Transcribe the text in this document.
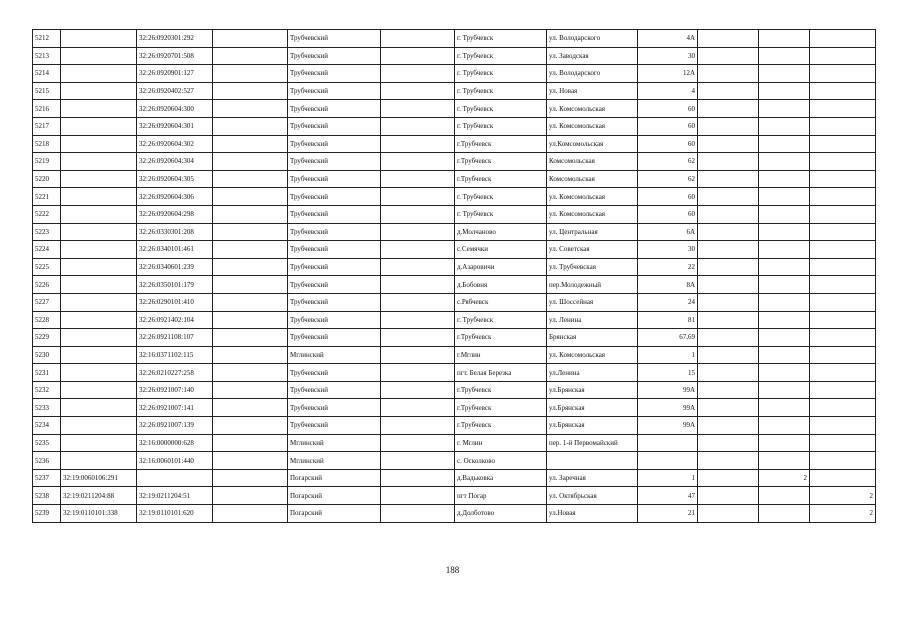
5212		32:26:0920301:292		Трубчевский		г. Трубчевск	ул. Володарского	4А			
5213		32:26:0920701:508		Трубчевский		г. Трубчевск	ул. Заводская	30			
5214		32:26:0920901:127		Трубчевский		г. Трубчевск	ул. Володарского	12А			
5215		32:26:0920402:527		Трубчевский		г. Трубчевск	ул. Новая	4			
5216		32:26:0920604:300		Трубчевский		г. Трубчевск	ул. Комсомольская	60			
5217		32:26:0920604:301		Трубчевский		г. Трубчевск	ул. Комсомольская	60			
5218		32:26:0920604:302		Трубчевский		г.Трубчевск	ул.Комсомольская	60			
5219		32:26:0920604:304		Трубчевский		г.Трубчевск	Комсомольская	62			
5220		32:26:0920604:305		Трубчевский		г.Трубчевск	Комсомольская	62			
5221		32:26:0920604:306		Трубчевский		г. Трубчевск	ул. Комсомольская	60			
5222		32:26:0920604:298		Трубчевский		г. Трубчевск	ул. Комсомольская	60			
5223		32:26:0330301:208		Трубчевский		д.Молчаново	ул. Центральная	6А			
5224		32:26:0340101:461		Трубчевский		с.Семячки	ул. Советская	30			
5225		32:26:0340601:239		Трубчевский		д.Азаровичи	ул. Трубчевская	22			
5226		32:26:0350101:179		Трубчевский		д.Бобовня	пер.Молодежный	8А			
5227		32:26:0290101:410		Трубчевский		с.Рябчевск	ул. Шоссейная	24			
5228		32:26:0921402:104		Трубчевский		г. Трубчевск	ул. Ленина	81			
5229		32:26:0921108:107		Трубчевский		г.Трубчевск	Брянская	67,69			
5230		32:16:0371102:115		Мглинский		г.Мглин	ул. Комсомольская	1			
5231		32:26:0210227:258		Трубчевский		пгт. Белая Березка	ул.Ленина	15			
5232		32:26:0921007:140		Трубчевский		г.Трубчевск	ул.Брянская	99А			
5233		32:26:0921007:141		Трубчевский		г.Трубчевск	ул.Брянская	99А			
5234		32:26:0921007:139		Трубчевский		г.Трубчевск	ул.Брянская	99А			
5235		32:16:0000000:628		Мглинский		г. Мглин	пер. 1-й Первомайский				
5236		32:16:0060101:440		Мглинский		с. Осколково					
5237	32:19:0060106:291			Погарский		д.Вадьковка	ул. Заречная	1		2	
5238	32:19:0211204:88	32:19:0211204:51		Погарский		пгт Погар	ул. Октябрьская	47			2
5239	32:19:0110101:338	32:19:0110101:620		Погарский		д.Долботово	ул.Новая	21			2
188
